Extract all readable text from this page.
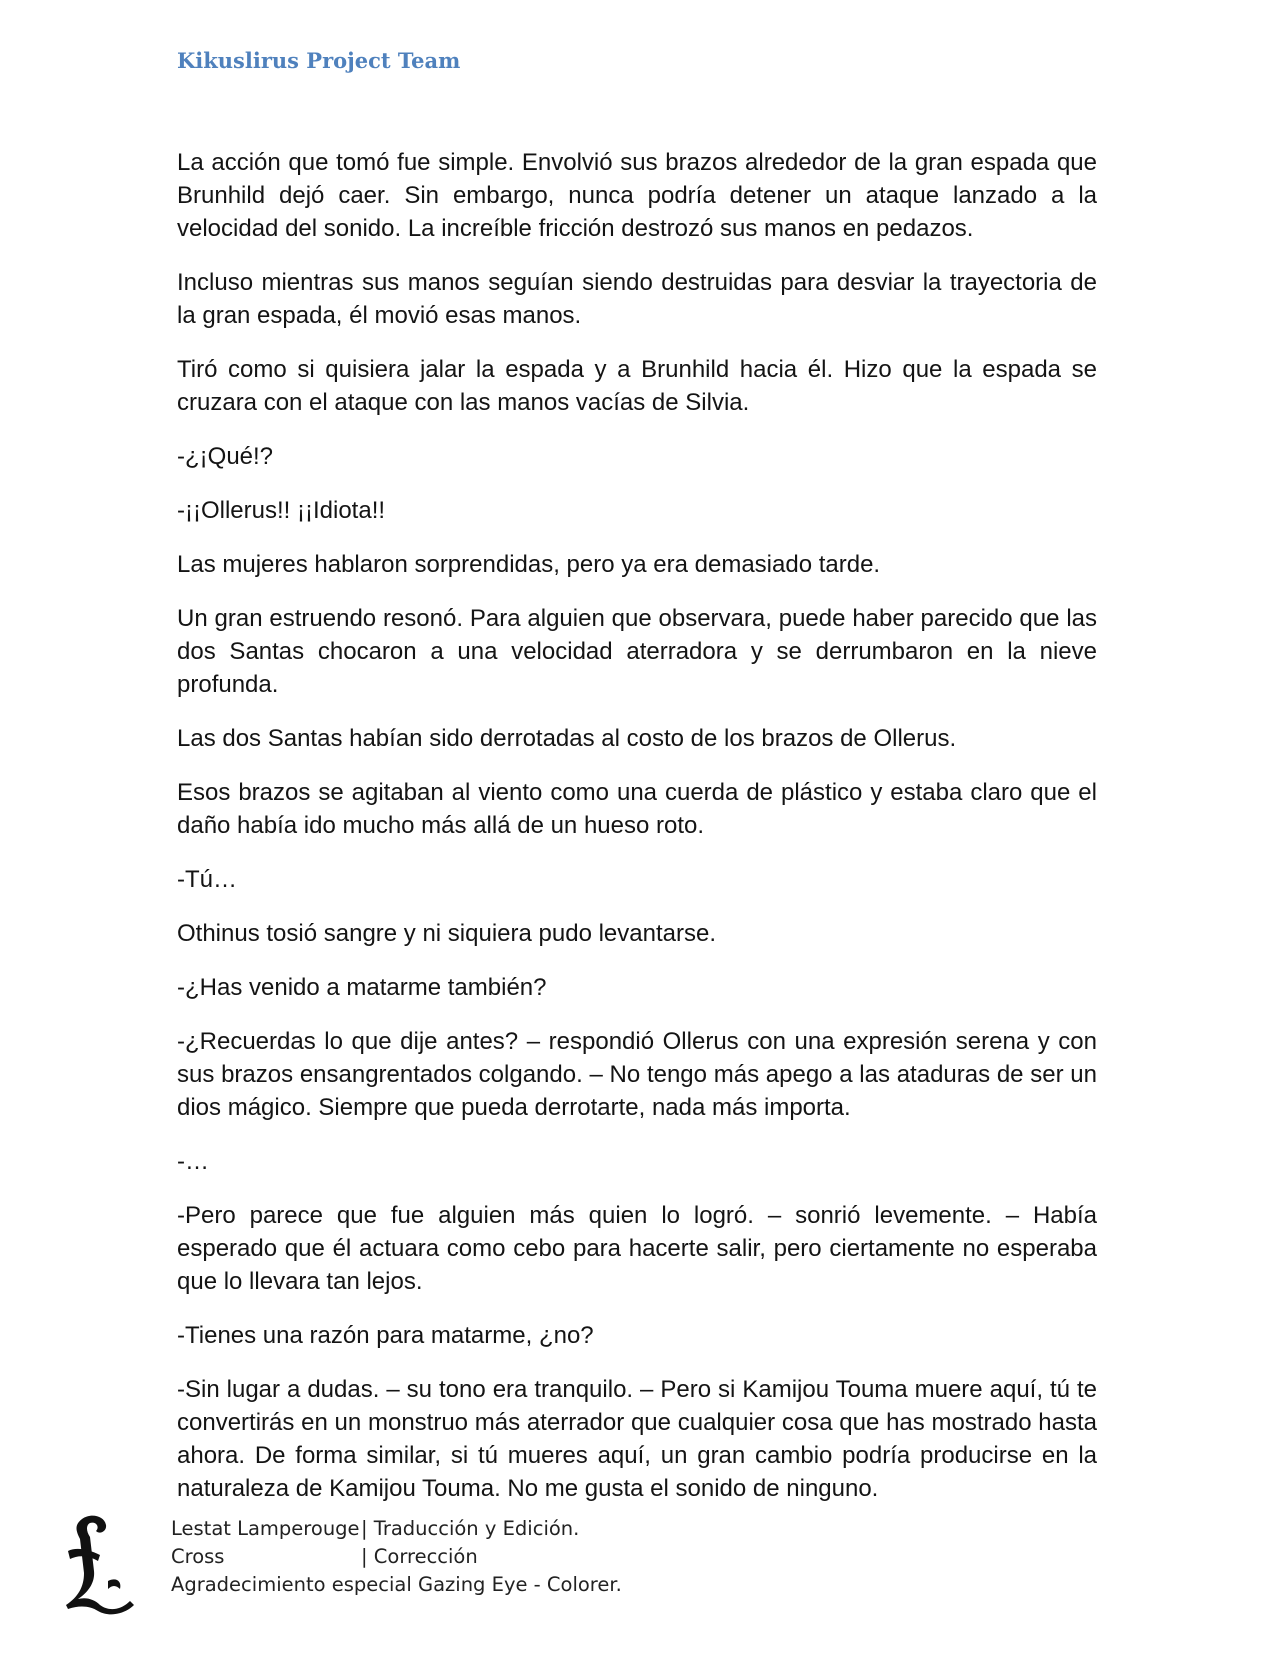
Kikuslirus Project Team

La acción que tomó fue simple. Envolvió sus brazos alrededor de la gran espada que Brunhild dejó caer. Sin embargo, nunca podría detener un ataque lanzado a la velocidad del sonido. La increíble fricción destrozó sus manos en pedazos.

Incluso mientras sus manos seguían siendo destruidas para desviar la trayectoria de la gran espada, él movió esas manos.

Tiró como si quisiera jalar la espada y a Brunhild hacia él. Hizo que la espada se cruzara con el ataque con las manos vacías de Silvia.

-¿¡Qué!?

-¡¡Ollerus!! ¡¡Idiota!!

Las mujeres hablaron sorprendidas, pero ya era demasiado tarde.

Un gran estruendo resonó. Para alguien que observara, puede haber parecido que las dos Santas chocaron a una velocidad aterradora y se derrumbaron en la nieve profunda.

Las dos Santas habían sido derrotadas al costo de los brazos de Ollerus.

Esos brazos se agitaban al viento como una cuerda de plástico y estaba claro que el daño había ido mucho más allá de un hueso roto.

-Tú…

Othinus tosió sangre y ni siquiera pudo levantarse.

-¿Has venido a matarme también?

-¿Recuerdas lo que dije antes? – respondió Ollerus con una expresión serena y con sus brazos ensangrentados colgando. – No tengo más apego a las ataduras de ser un dios mágico. Siempre que pueda derrotarte, nada más importa.

-…

-Pero parece que fue alguien más quien lo logró. – sonrió levemente. – Había esperado que él actuara como cebo para hacerte salir, pero ciertamente no esperaba que lo llevara tan lejos.

-Tienes una razón para matarme, ¿no?

-Sin lugar a dudas. – su tono era tranquilo. – Pero si Kamijou Touma muere aquí, tú te convertirás en un monstruo más aterrador que cualquier cosa que has mostrado hasta ahora. De forma similar, si tú mueres aquí, un gran cambio podría producirse en la naturaleza de Kamijou Touma. No me gusta el sonido de ninguno.

Lestat Lamperouge| Traducción y Edición.
Cross	| Corrección
Agradecimiento especial Gazing Eye - Colorer.
